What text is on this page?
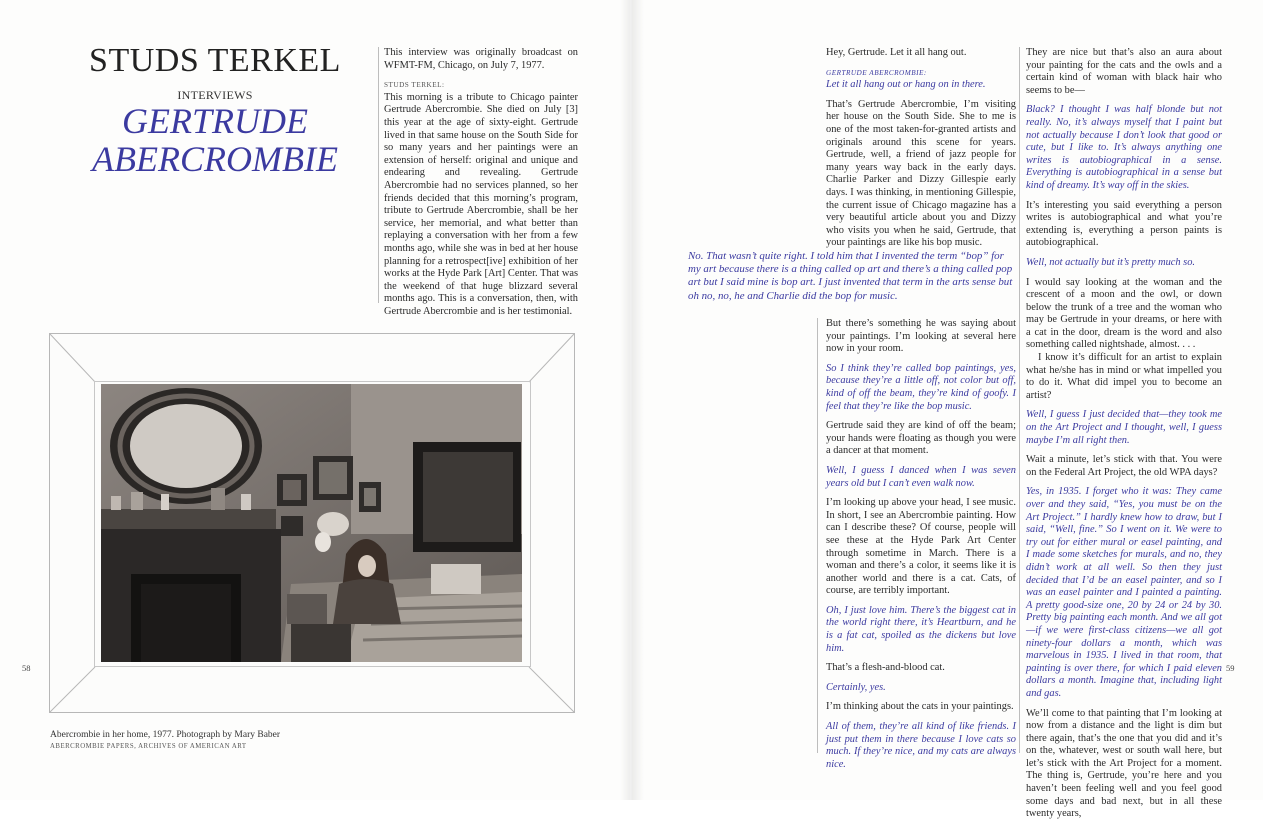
STUDS TERKEL
INTERVIEWS
GERTRUDE
ABERCROMBIE

This interview was originally broadcast on WFMT-FM, Chicago, on July 7, 1977.

STUDS TERKEL:

This morning is a tribute to Chicago painter Gertrude Abercrombie. She died on July [3] this year at the age of sixty-eight. Gertrude lived in that same house on the South Side for so many years and her paintings were an extension of herself: original and unique and endearing and revealing. Gertrude Abercrombie had no services planned, so her friends decided that this morning’s program, tribute to Gertrude Abercrombie, shall be her service, her memorial, and what better than replaying a conversation with her from a few months ago, while she was in bed at her house planning for a retrospect[ive] exhibition of her works at the Hyde Park [Art] Center. That was the weekend of that huge blizzard several months ago. This is a conversation, then, with Gertrude Abercrombie and is her testimonial.

Abercrombie in her home, 1977. Photograph by Mary Baber
ABERCROMBIE PAPERS, ARCHIVES OF AMERICAN ART
58

Hey, Gertrude. Let it all hang out.

GERTRUDE ABERCROMBIE:

Let it all hang out or hang on in there.

That’s Gertrude Abercrombie, I’m visiting her house on the South Side. She to me is one of the most taken-for-granted artists and originals around this scene for years. Gertrude, well, a friend of jazz people for many years way back in the early days. Charlie Parker and Dizzy Gillespie early days. I was thinking, in mentioning Gillespie, the current issue of Chicago magazine has a very beautiful article about you and Dizzy who visits you when he said, Gertrude, that your paintings are like his bop music.

No. That wasn’t quite right. I told him that I invented the term “bop” for my art because there is a thing called op art and there’s a thing called pop art but I said mine is bop art. I just invented that term in the arts sense but oh no, no, he and Charlie did the bop for music.

But there’s something he was saying about your paintings. I’m looking at several here now in your room.

So I think they’re called bop paintings, yes, because they’re a little off, not color but off, kind of off the beam, they’re kind of goofy. I feel that they’re like the bop music.

Gertrude said they are kind of off the beam; your hands were floating as though you were a dancer at that moment.

Well, I guess I danced when I was seven years old but I can’t even walk now.

I’m looking up above your head, I see music. In short, I see an Abercrombie painting. How can I describe these? Of course, people will see these at the Hyde Park Art Center through sometime in March. There is a woman and there’s a color, it seems like it is another world and there is a cat. Cats, of course, are terribly important.

Oh, I just love him. There’s the biggest cat in the world right there, it’s Heartburn, and he is a fat cat, spoiled as the dickens but love him.

That’s a flesh-and-blood cat.

Certainly, yes.

I’m thinking about the cats in your paintings.

All of them, they’re all kind of like friends. I just put them in there because I love cats so much. If they’re nice, and my cats are always nice.

They are nice but that’s also an aura about your painting for the cats and the owls and a certain kind of woman with black hair who seems to be—

Black? I thought I was half blonde but not really. No, it’s always myself that I paint but not actually because I don’t look that good or cute, but I like to. It’s always anything one writes is autobiographical in a sense. Everything is autobiographical in a sense but kind of dreamy. It’s way off in the skies.

It’s interesting you said everything a person writes is autobiographical and what you’re extending is, everything a person paints is autobiographical.

Well, not actually but it’s pretty much so.

I would say looking at the woman and the crescent of a moon and the owl, or down below the trunk of a tree and the woman who may be Gertrude in your dreams, or here with a cat in the door, dream is the word and also something called nightshade, almost. . . .

I know it’s difficult for an artist to explain what he/she has in mind or what impelled you to do it. What did impel you to become an artist?

Well, I guess I just decided that—they took me on the Art Project and I thought, well, I guess maybe I’m all right then.

Wait a minute, let’s stick with that. You were on the Federal Art Project, the old WPA days?

Yes, in 1935. I forget who it was: They came over and they said, “Yes, you must be on the Art Project.” I hardly knew how to draw, but I said, “Well, fine.” So I went on it. We were to try out for either mural or easel painting, and I made some sketches for murals, and no, they didn’t work at all well. So then they just decided that I’d be an easel painter, and so I was an easel painter and I painted a painting. A pretty good-size one, 20 by 24 or 24 by 30. Pretty big painting each month. And we all got—if we were first-class citizens—we all got ninety-four dollars a month, which was marvelous in 1935. I lived in that room, that painting is over there, for which I paid eleven dollars a month. Imagine that, including light and gas.

We’ll come to that painting that I’m looking at now from a distance and the light is dim but there again, that’s the one that you did and it’s on the, whatever, west or south wall here, but let’s stick with the Art Project for a moment. The thing is, Gertrude, you’re here and you haven’t been feeling well and you feel good some days and bad next, but in all these twenty years,

59
